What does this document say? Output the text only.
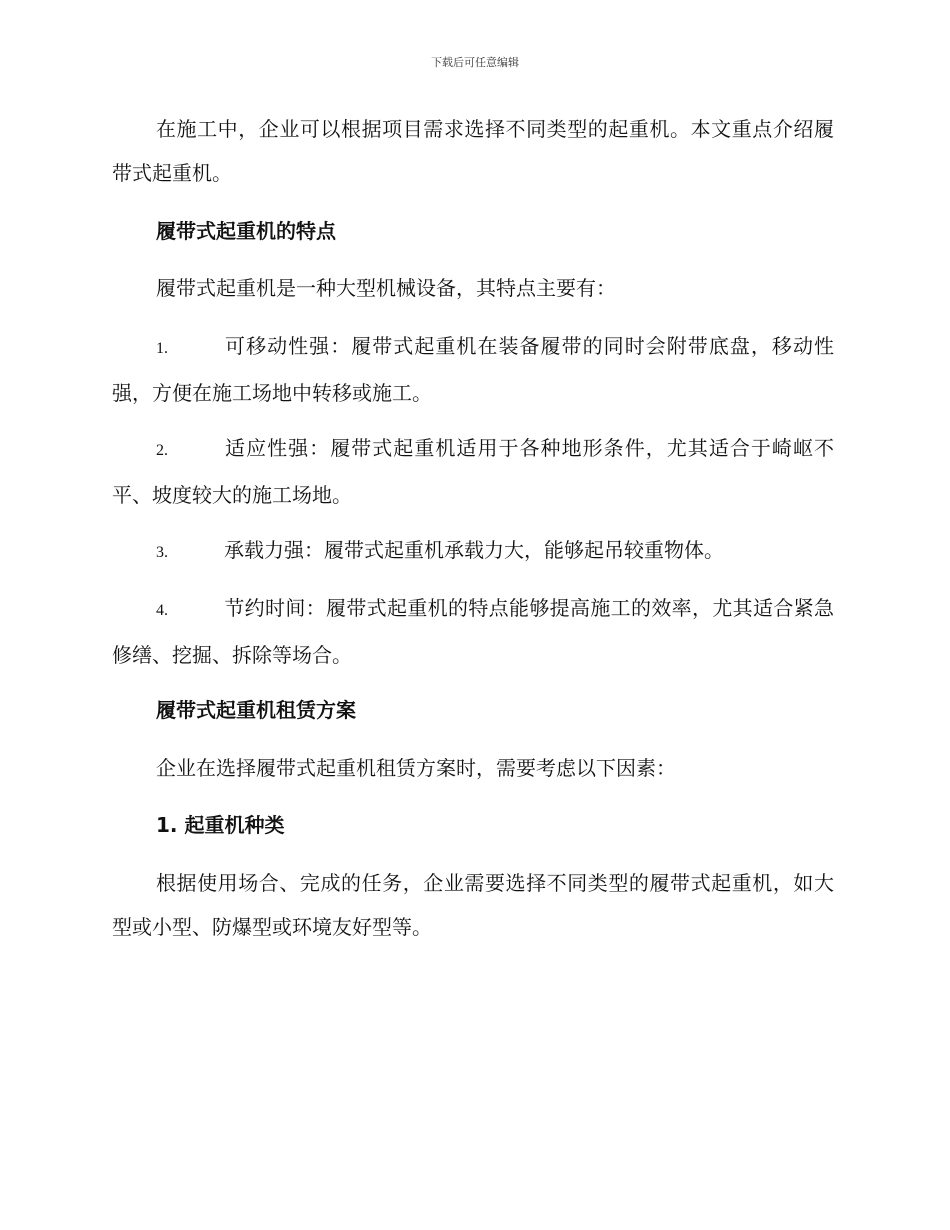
下载后可任意编辑

在施工中，企业可以根据项目需求选择不同类型的起重机。本文重点介绍履带式起重机。

履带式起重机的特点

履带式起重机是一种大型机械设备，其特点主要有：

1.	可移动性强：履带式起重机在装备履带的同时会附带底盘，移动性强，方便在施工场地中转移或施工。

2.	适应性强：履带式起重机适用于各种地形条件，尤其适合于崎岖不平、坡度较大的施工场地。

3.	承载力强：履带式起重机承载力大，能够起吊较重物体。

4.	节约时间：履带式起重机的特点能够提高施工的效率，尤其适合紧急修缮、挖掘、拆除等场合。

履带式起重机租赁方案

企业在选择履带式起重机租赁方案时，需要考虑以下因素：

1. 起重机种类

根据使用场合、完成的任务，企业需要选择不同类型的履带式起重机，如大型或小型、防爆型或环境友好型等。
